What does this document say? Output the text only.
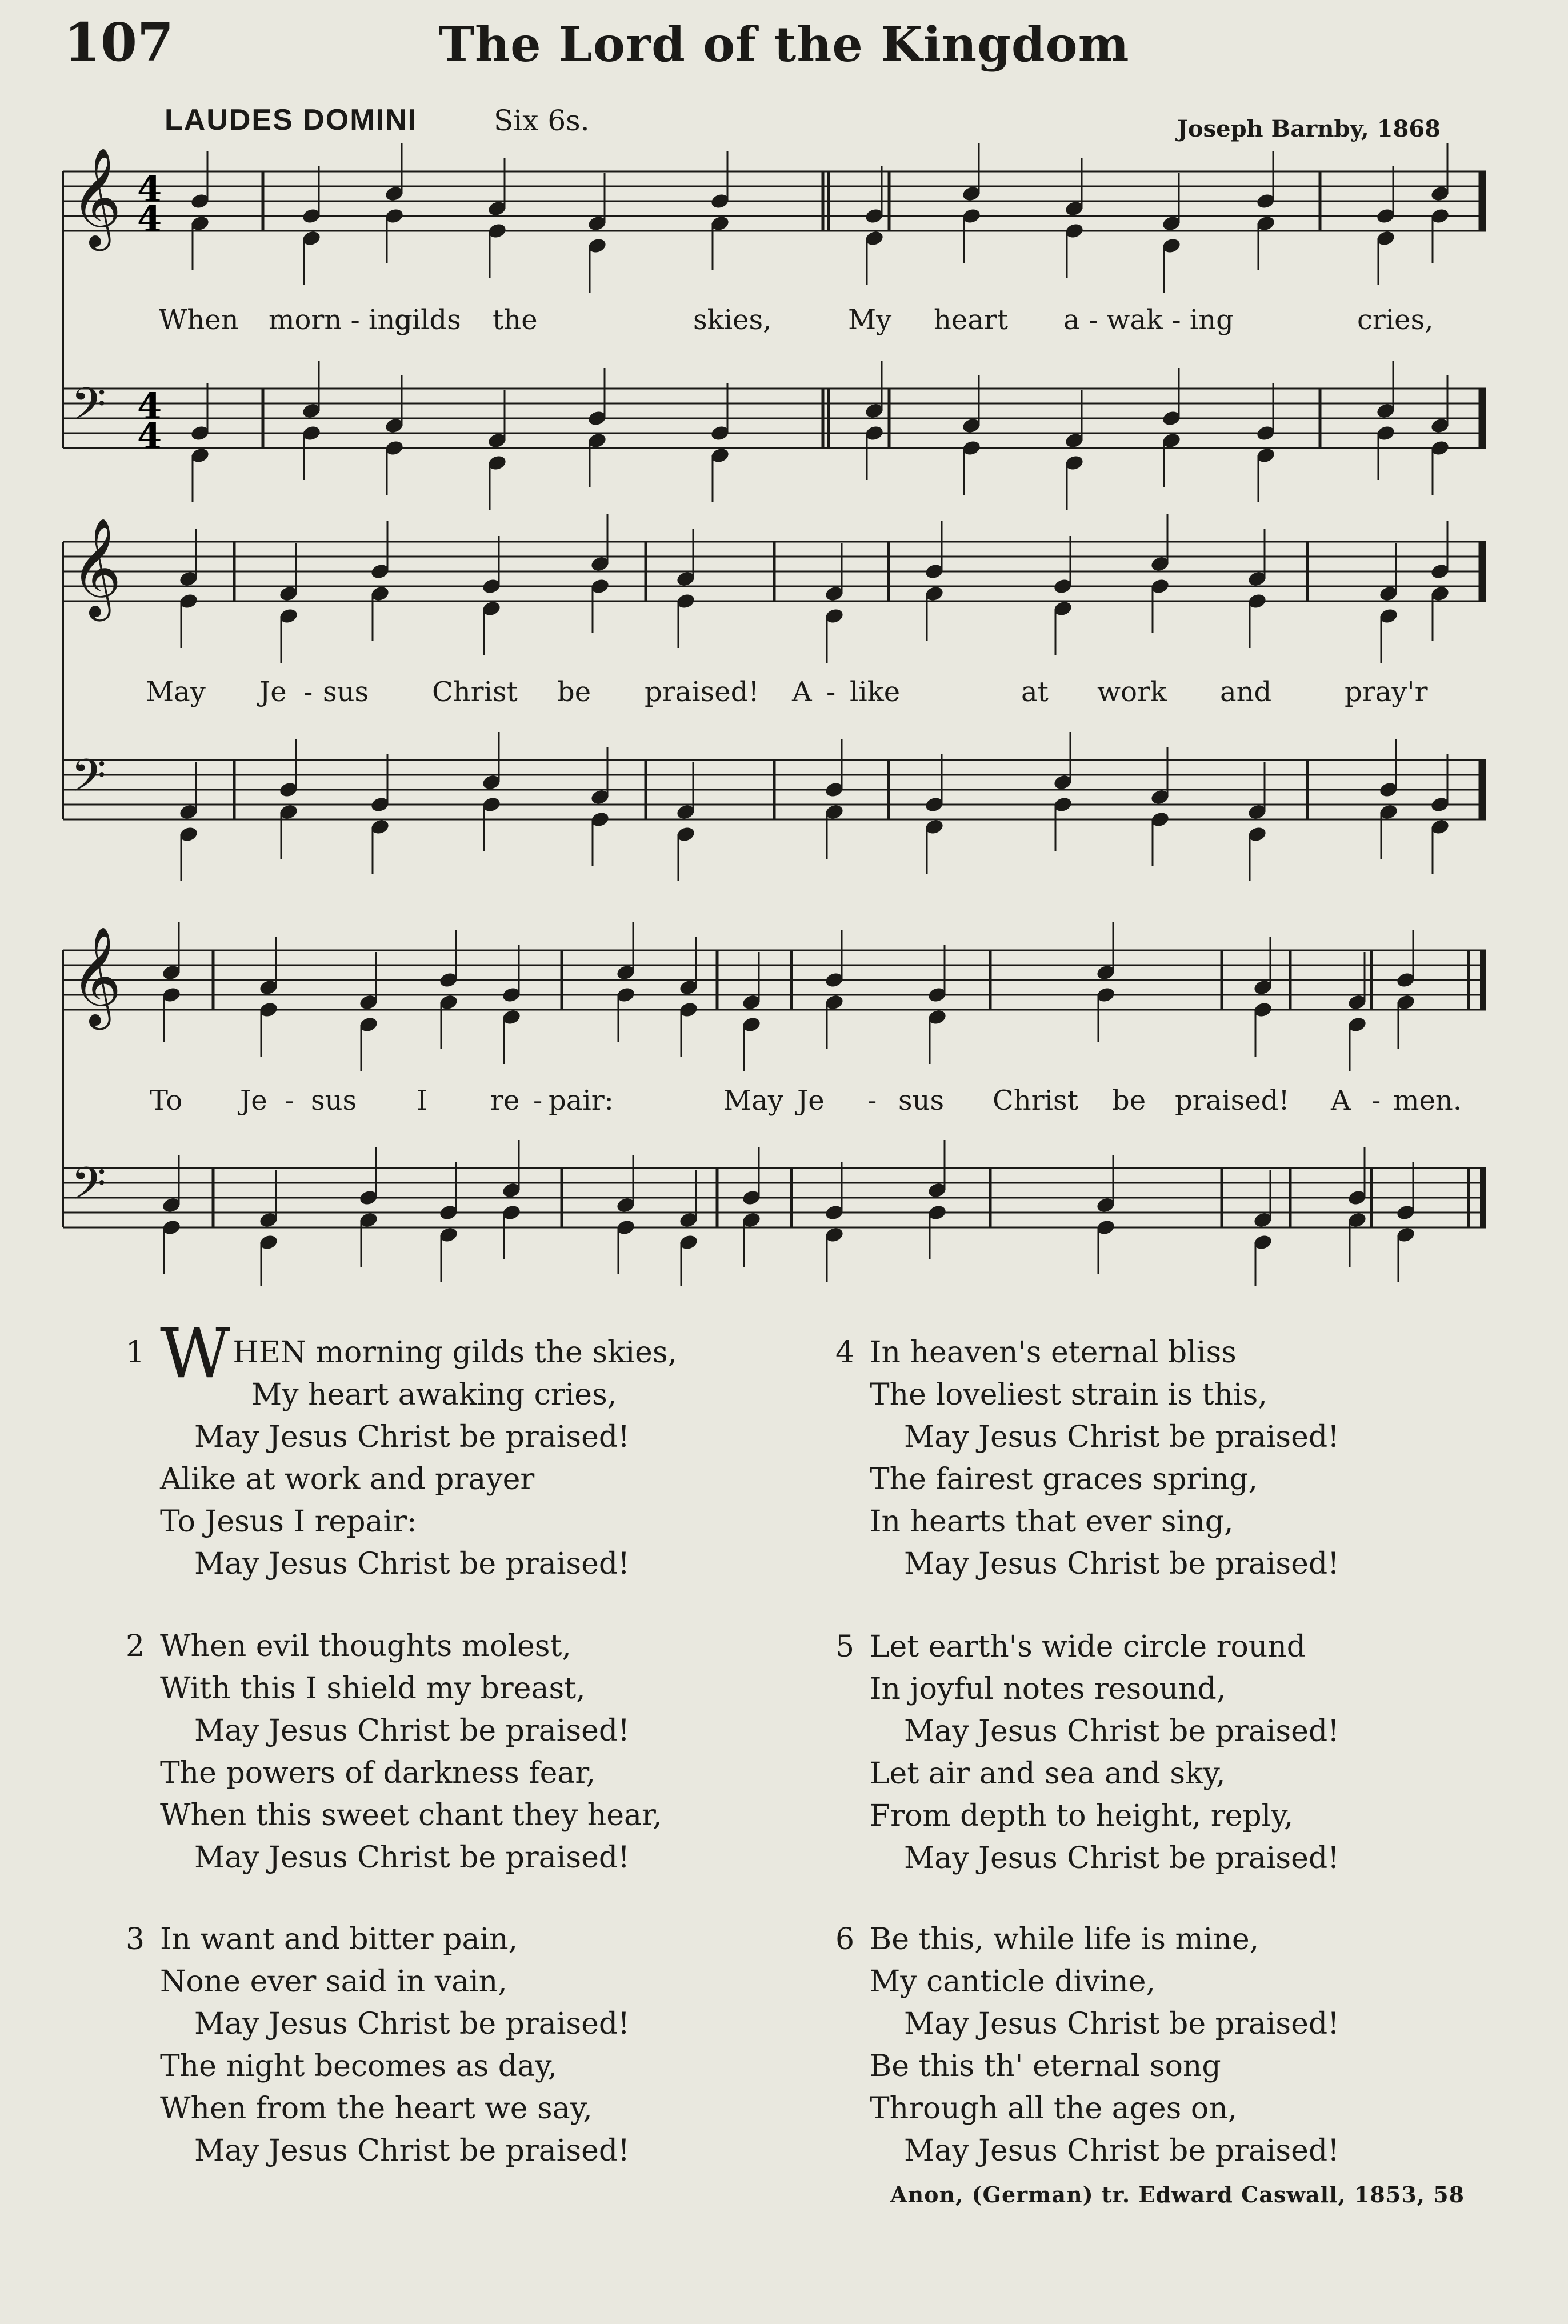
107	The Lord of the Kingdom
LAUDES DOMINI	Six 6s.	Joseph Barnby, 1868
𝄞 4
4
𝄢 4
4
𝄞
𝄢
𝄞
𝄢
When morn - ing
gilds the	skies,	My heart a - wak - ing	cries,
May Je - sus Christ be praised! A - like	at work and	pray'r
To Je - sus I re - pair:	May Je - sus Christ be praised! A - men.
1 WHEN morning gilds the skies,
My heart awaking cries,
May Jesus Christ be praised!
Alike at work and prayer
To Jesus I repair:
May Jesus Christ be praised!
2 When evil thoughts molest,
With this I shield my breast,
May Jesus Christ be praised!
The powers of darkness fear,
When this sweet chant they hear,
May Jesus Christ be praised!
3 In want and bitter pain,
None ever said in vain,
May Jesus Christ be praised!
The night becomes as day,
When from the heart we say,
May Jesus Christ be praised!
4 In heaven's eternal bliss
The loveliest strain is this,
May Jesus Christ be praised!
The fairest graces spring,
In hearts that ever sing,
May Jesus Christ be praised!
5 Let earth's wide circle round
In joyful notes resound,
May Jesus Christ be praised!
Let air and sea and sky,
From depth to height, reply,
May Jesus Christ be praised!
6 Be this, while life is mine,
My canticle divine,
May Jesus Christ be praised!
Be this th' eternal song
Through all the ages on,
May Jesus Christ be praised!
Anon, (German) tr. Edward Caswall, 1853, 58
